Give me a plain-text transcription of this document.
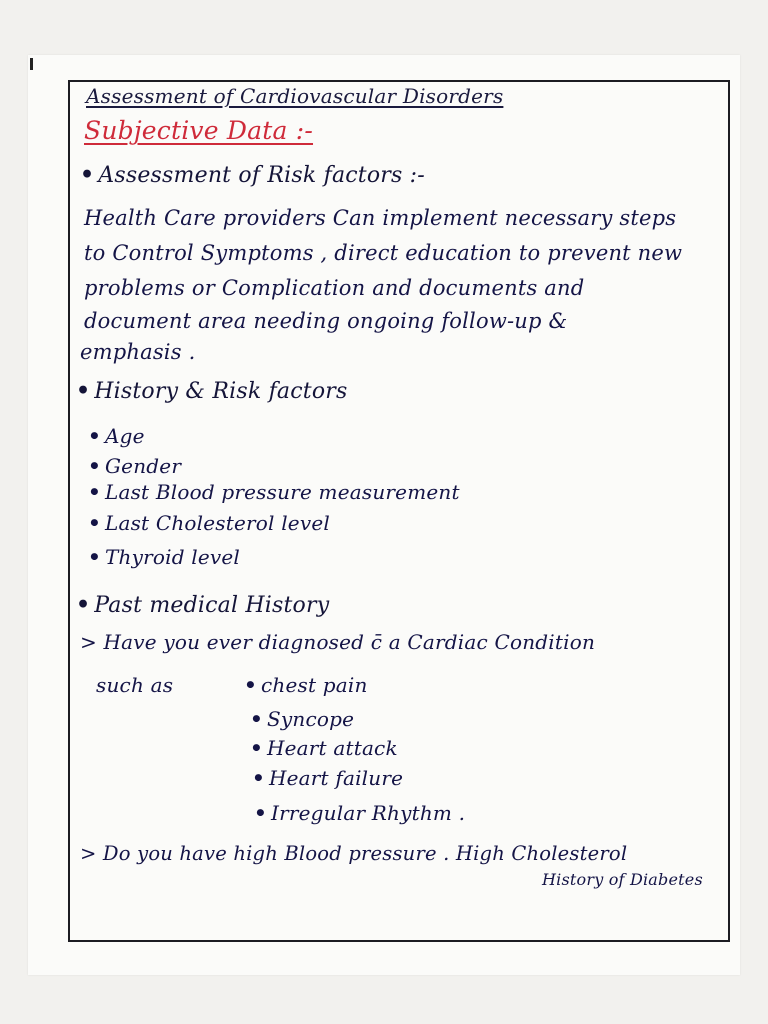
Assessment of Cardiovascular Disorders
Subjective Data :-
• Assessment of Risk factors :-
Health Care providers Can implement necessary steps
to Control Symptoms , direct education to prevent new
problems or Complication and documents and
document area needing ongoing follow-up &
emphasis .
• History & Risk factors
• Age
• Gender
• Last Blood pressure measurement
• Last Cholesterol level
• Thyroid level
• Past medical History
> Have you ever diagnosed c̄ a Cardiac Condition
such as	• chest pain
• Syncope
• Heart attack
• Heart failure
• Irregular Rhythm .
> Do you have high Blood pressure . High Cholesterol
History of Diabetes
